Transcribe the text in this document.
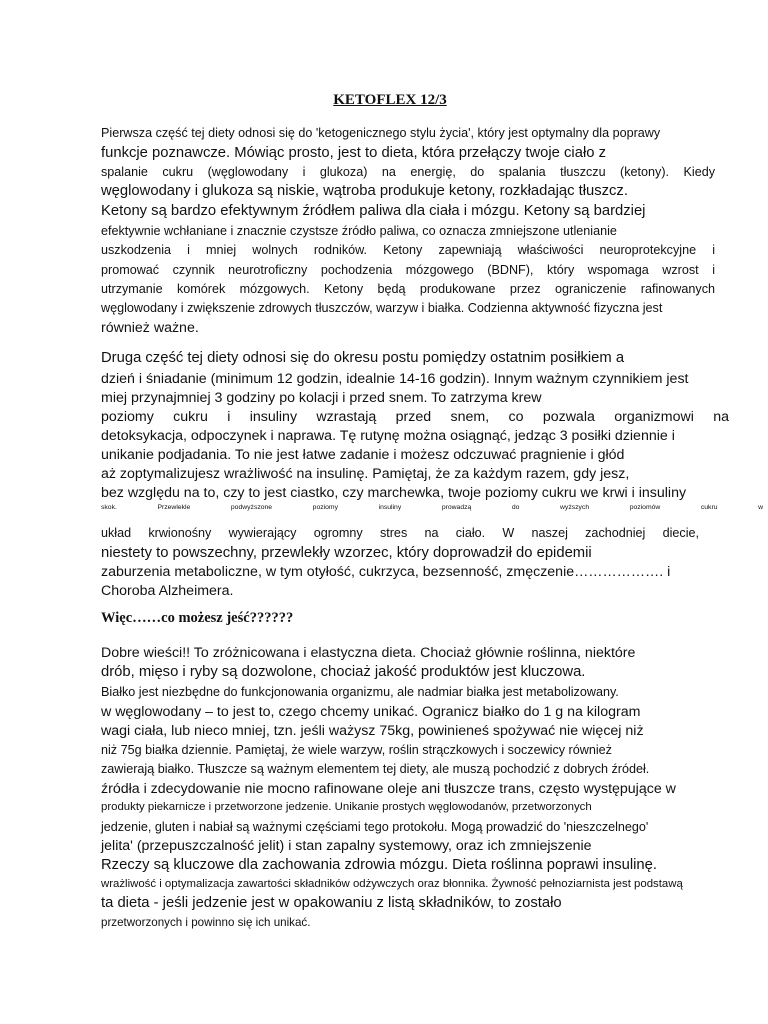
KETOFLEX 12/3
Pierwsza część tej diety odnosi się do 'ketogenicznego stylu życia', który jest optymalny dla poprawy
funkcje poznawcze. Mówiąc prosto, jest to dieta, która przełączy twoje ciało z
spalanie cukru (węglowodany i glukoza) na energię, do spalania tłuszczu (ketony). Kiedy
węglowodany i glukoza są niskie, wątroba produkuje ketony, rozkładając tłuszcz.
Ketony są bardzo efektywnym źródłem paliwa dla ciała i mózgu. Ketony są bardziej
efektywnie wchłaniane i znacznie czystsze źródło paliwa, co oznacza zmniejszone utlenianie
uszkodzenia i mniej wolnych rodników. Ketony zapewniają właściwości neuroprotekcyjne i
promować czynnik neurotroficzny pochodzenia mózgowego (BDNF), który wspomaga wzrost i
utrzymanie komórek mózgowych. Ketony będą produkowane przez ograniczenie rafinowanych
węglowodany i zwiększenie zdrowych tłuszczów, warzyw i białka. Codzienna aktywność fizyczna jest
również ważne.
Druga część tej diety odnosi się do okresu postu pomiędzy ostatnim posiłkiem a
dzień i śniadanie (minimum 12 godzin, idealnie 14-16 godzin). Innym ważnym czynnikiem jest
miej przynajmniej 3 godziny po kolacji i przed snem. To zatrzyma krew
poziomy cukru i insuliny wzrastają przed snem, co pozwala organizmowi na
detoksykacja, odpoczynek i naprawa. Tę rutynę można osiągnąć, jedząc 3 posiłki dziennie i
unikanie podjadania. To nie jest łatwe zadanie i możesz odczuwać pragnienie i głód
aż zoptymalizujesz wrażliwość na insulinę. Pamiętaj, że za każdym razem, gdy jesz,
bez względu na to, czy to jest ciastko, czy marchewka, twoje poziomy cukru we krwi i insuliny
skok. Przewlekle podwyższone poziomy insuliny prowadzą do wyższych poziomów cukru w
układ krwionośny wywierający ogromny stres na ciało. W naszej zachodniej diecie,
niestety to powszechny, przewlekły wzorzec, który doprowadził do epidemii
zaburzenia metaboliczne, w tym otyłość, cukrzyca, bezsenność, zmęczenie………………. i
Choroba Alzheimera.
Więc……co możesz jeść??????
Dobre wieści!! To zróżnicowana i elastyczna dieta. Chociaż głównie roślinna, niektóre
drób, mięso i ryby są dozwolone, chociaż jakość produktów jest kluczowa.
Białko jest niezbędne do funkcjonowania organizmu, ale nadmiar białka jest metabolizowany.
w węglowodany – to jest to, czego chcemy unikać. Ogranicz białko do 1 g na kilogram
wagi ciała, lub nieco mniej, tzn. jeśli ważysz 75kg, powinieneś spożywać nie więcej niż
niż 75g białka dziennie. Pamiętaj, że wiele warzyw, roślin strączkowych i soczewicy również
zawierają białko. Tłuszcze są ważnym elementem tej diety, ale muszą pochodzić z dobrych źródeł.
źródła i zdecydowanie nie mocno rafinowane oleje ani tłuszcze trans, często występujące w
produkty piekarnicze i przetworzone jedzenie. Unikanie prostych węglowodanów, przetworzonych
jedzenie, gluten i nabiał są ważnymi częściami tego protokołu. Mogą prowadzić do 'nieszczelnego'
jelita' (przepuszczalność jelit) i stan zapalny systemowy, oraz ich zmniejszenie
Rzeczy są kluczowe dla zachowania zdrowia mózgu. Dieta roślinna poprawi insulinę.
wrażliwość i optymalizacja zawartości składników odżywczych oraz błonnika. Żywność pełnoziarnista jest podstawą
ta dieta - jeśli jedzenie jest w opakowaniu z listą składników, to zostało
przetworzonych i powinno się ich unikać.
